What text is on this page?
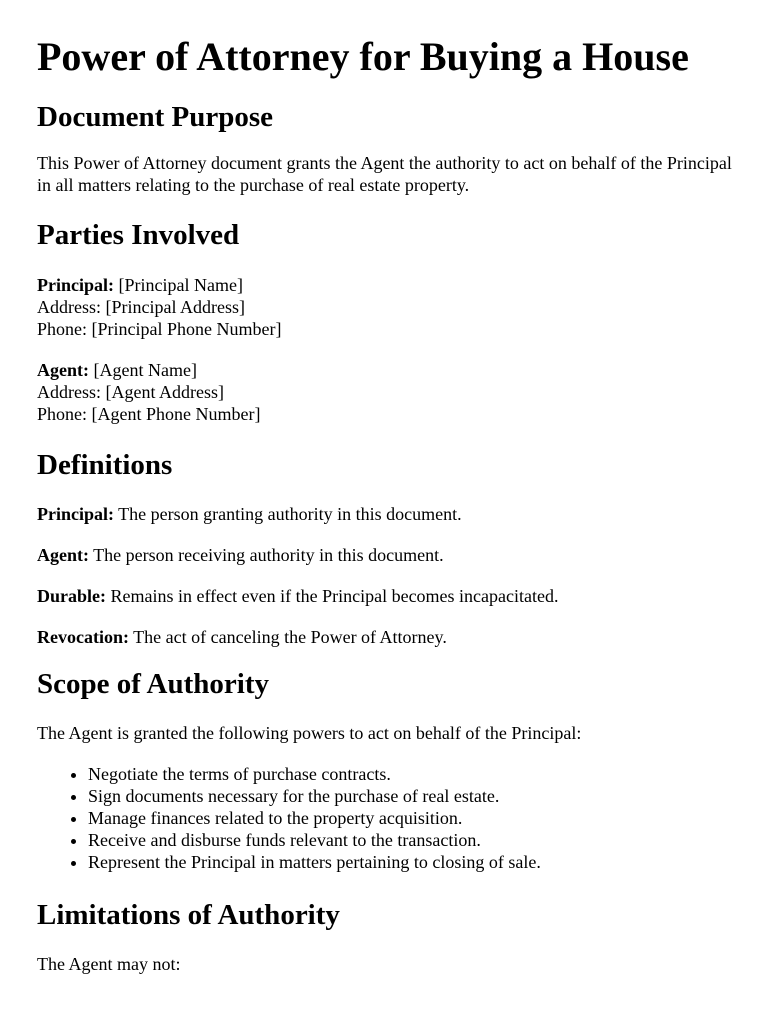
Power of Attorney for Buying a House
Document Purpose

This Power of Attorney document grants the Agent the authority to act on behalf of the Principal in all matters relating to the purchase of real estate property.

Parties Involved
Principal: [Principal Name]
Address: [Principal Address]
Phone: [Principal Phone Number]
Agent: [Agent Name]
Address: [Agent Address]
Phone: [Agent Phone Number]
Definitions

Principal: The person granting authority in this document.

Agent: The person receiving authority in this document.

Durable: Remains in effect even if the Principal becomes incapacitated.

Revocation: The act of canceling the Power of Attorney.

Scope of Authority

The Agent is granted the following powers to act on behalf of the Principal:

• Negotiate the terms of purchase contracts.
• Sign documents necessary for the purchase of real estate.
• Manage finances related to the property acquisition.
• Receive and disburse funds relevant to the transaction.
• Represent the Principal in matters pertaining to closing of sale.
Limitations of Authority

The Agent may not:
